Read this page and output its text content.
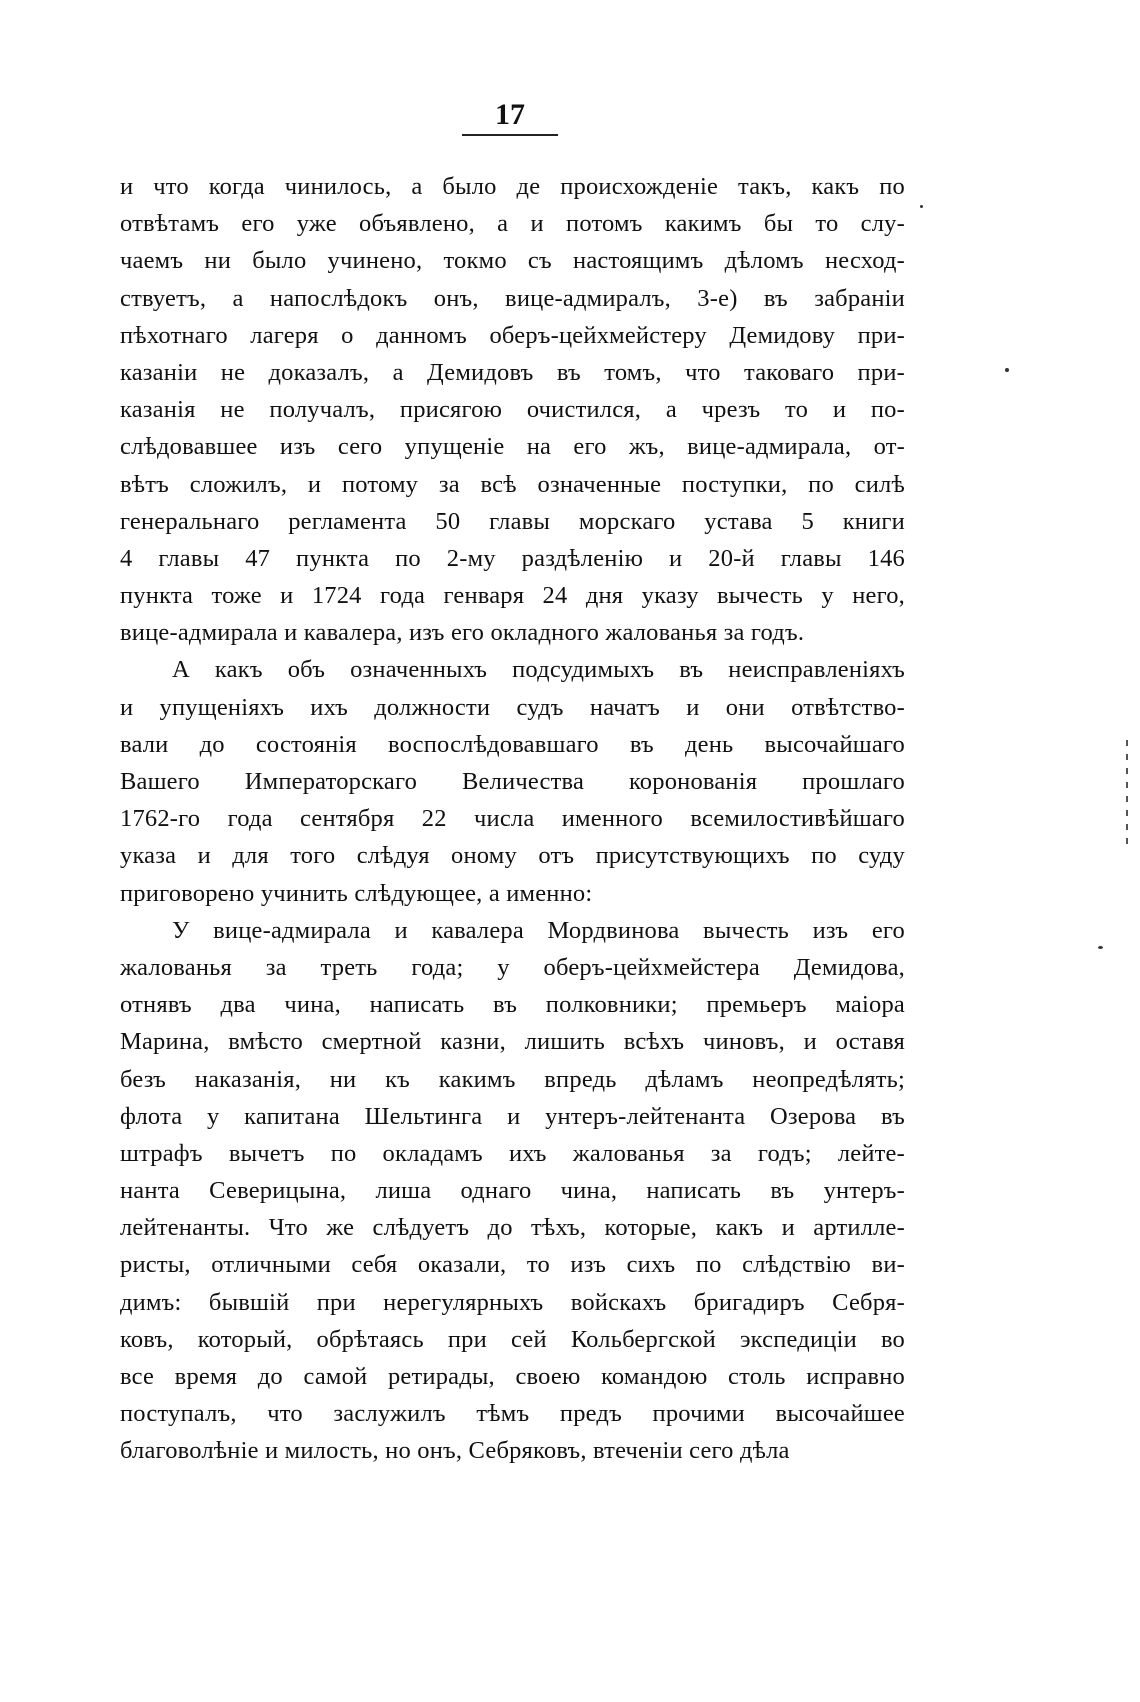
17
и что когда чинилось, а было де происхожденіе такъ, какъ по
отвѣтамъ его уже объявлено, а и потомъ какимъ бы то слу-
чаемъ ни было учинено, токмо съ настоящимъ дѣломъ несход-
ствуетъ, а напослѣдокъ онъ, вице-адмиралъ, 3-е) въ забраніи
пѣхотнаго лагеря о данномъ оберъ-цейхмейстеру Демидову при-
казаніи не доказалъ, а Демидовъ въ томъ, что таковаго при-
казанія не получалъ, присягою очистился, а чрезъ то и по-
слѣдовавшее изъ сего упущеніе на его жъ, вице-адмирала, от-
вѣтъ сложилъ, и потому за всѣ означенные поступки, по силѣ
генеральнаго регламента 50 главы морскаго устава 5 книги
4 главы 47 пункта по 2-му раздѣленію и 20-й главы 146
пункта тоже и 1724 года генваря 24 дня указу вычесть у него,
вице-адмирала и кавалера, изъ его окладного жалованья за годъ.
А какъ объ означенныхъ подсудимыхъ въ неисправленіяхъ
и упущеніяхъ ихъ должности судъ начатъ и они отвѣтство-
вали до состоянія воспослѣдовавшаго въ день высочайшаго
Вашего Императорскаго Величества коронованія прошлаго
1762-го года сентября 22 числа именного всемилостивѣйшаго
указа и для того слѣдуя оному отъ присутствующихъ по суду
приговорено учинить слѣдующее, а именно:
У вице-адмирала и кавалера Мордвинова вычесть изъ его
жалованья за треть года; у оберъ-цейхмейстера Демидова,
отнявъ два чина, написать въ полковники; премьеръ маіора
Марина, вмѣсто смертной казни, лишить всѣхъ чиновъ, и оставя
безъ наказанія, ни къ какимъ впредь дѣламъ неопредѣлять;
флота у капитана Шельтинга и унтеръ-лейтенанта Озерова въ
штрафъ вычетъ по окладамъ ихъ жалованья за годъ; лейте-
нанта Северицына, лиша однаго чина, написать въ унтеръ-
лейтенанты. Что же слѣдуетъ до тѣхъ, которые, какъ и артилле-
ристы, отличными себя оказали, то изъ сихъ по слѣдствію ви-
димъ: бывшій при нерегулярныхъ войскахъ бригадиръ Себря-
ковъ, который, обрѣтаясь при сей Кольбергской экспедиціи во
все время до самой ретирады, своею командою столь исправно
поступалъ, что заслужилъ тѣмъ предъ прочими высочайшее
благоволѣніе и милость, но онъ, Себряковъ, втеченіи сего дѣла
